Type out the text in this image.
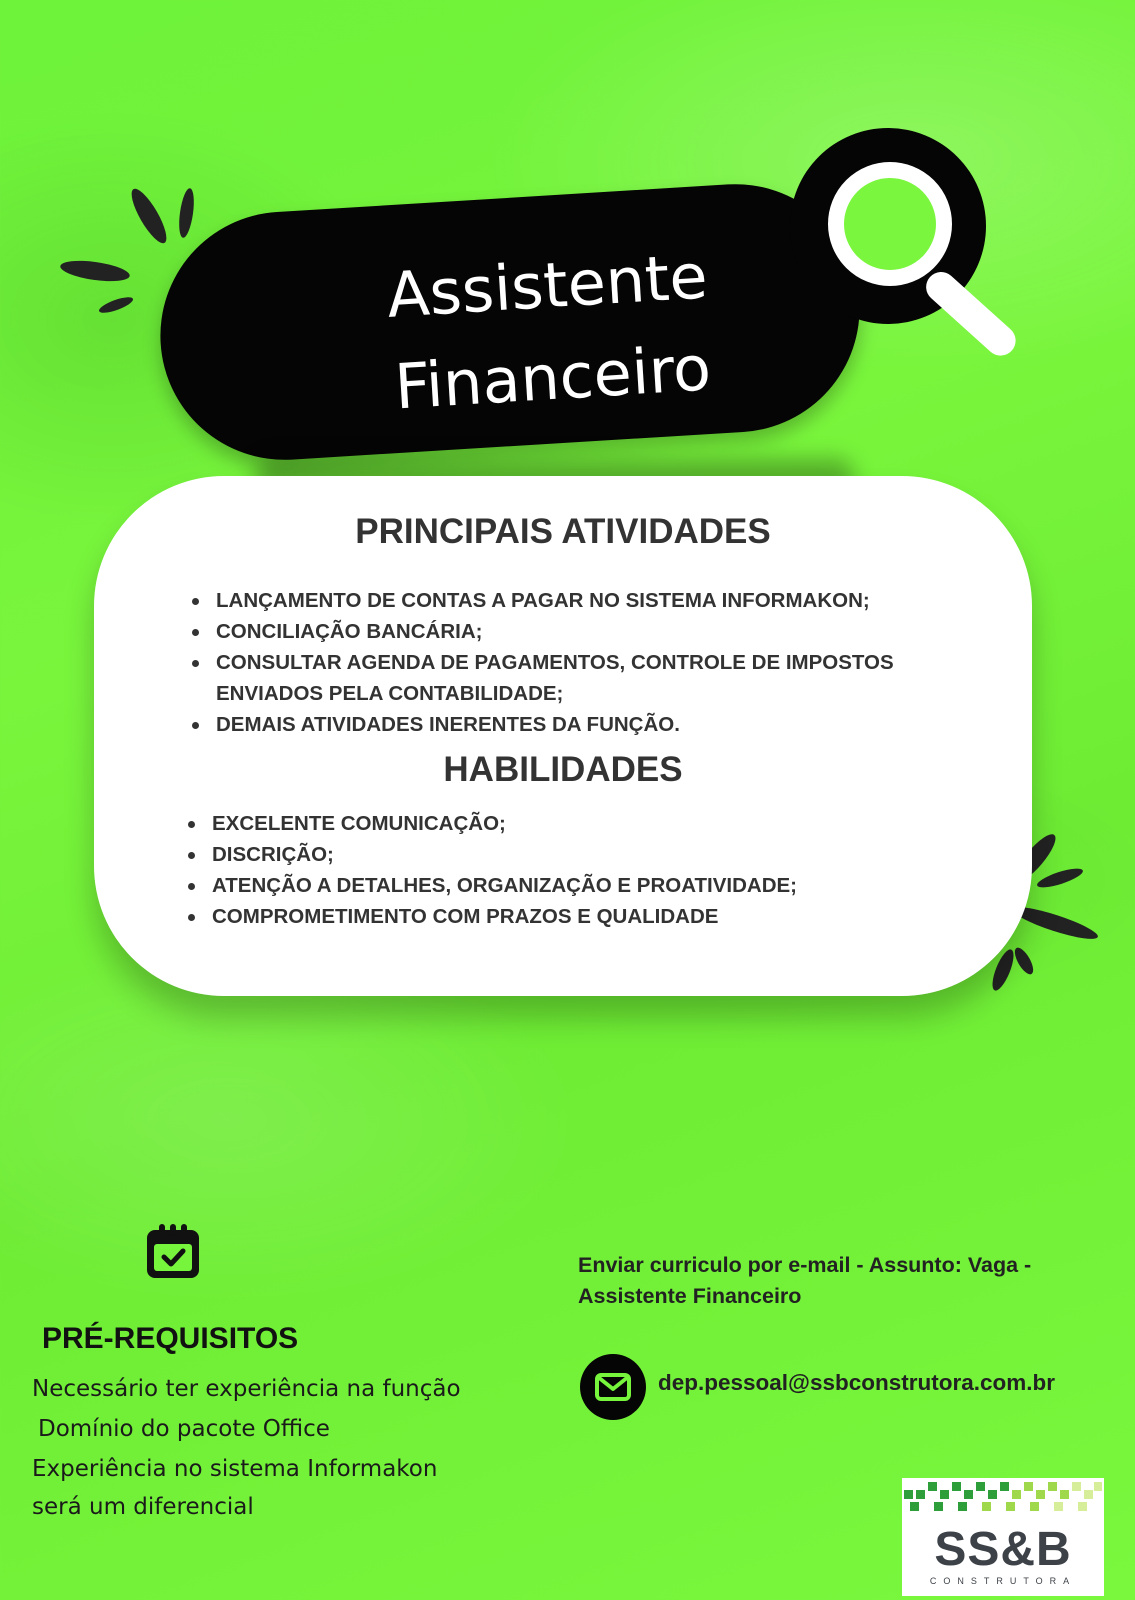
Assistente
Financeiro
PRINCIPAIS ATIVIDADES
LANÇAMENTO DE CONTAS A PAGAR NO SISTEMA INFORMAKON;
CONCILIAÇÃO BANCÁRIA;
CONSULTAR AGENDA DE PAGAMENTOS, CONTROLE DE IMPOSTOS ENVIADOS PELA CONTABILIDADE;
DEMAIS ATIVIDADES INERENTES DA FUNÇÃO.
HABILIDADES
EXCELENTE COMUNICAÇÃO;
DISCRIÇÃO;
ATENÇÃO A DETALHES, ORGANIZAÇÃO E PROATIVIDADE;
COMPROMETIMENTO COM PRAZOS E QUALIDADE
PRÉ-REQUISITOS
Necessário ter experiência na função
Domínio do pacote Office
Experiência no sistema Informakon
será um diferencial
Enviar curriculo por e-mail - Assunto: Vaga - Assistente Financeiro
dep.pessoal@ssbconstrutora.com.br
SS&B
CONSTRUTORA
